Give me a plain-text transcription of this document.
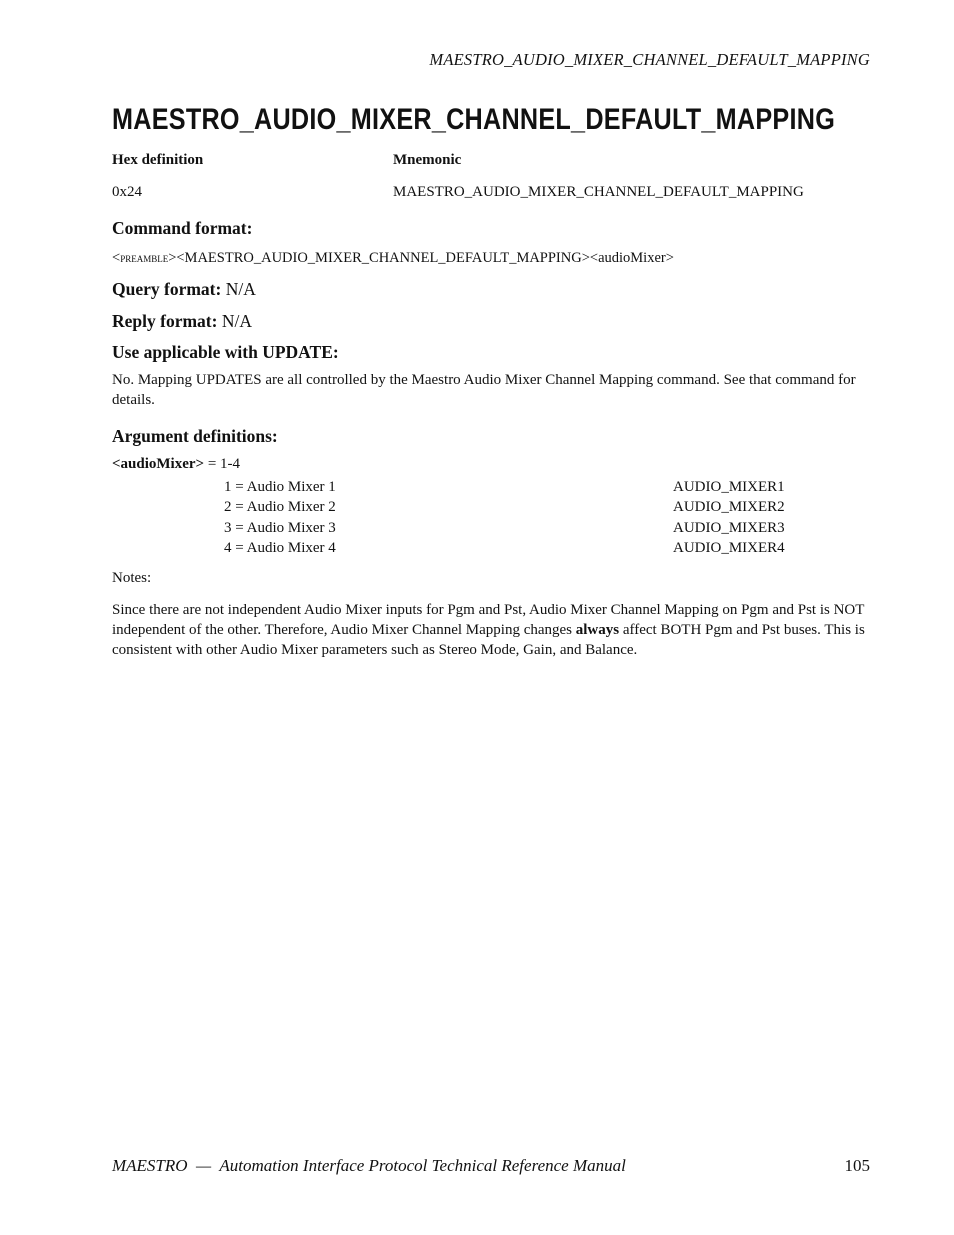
MAESTRO_AUDIO_MIXER_CHANNEL_DEFAULT_MAPPING
MAESTRO_AUDIO_MIXER_CHANNEL_DEFAULT_MAPPING
Hex definition	Mnemonic
0x24	MAESTRO_AUDIO_MIXER_CHANNEL_DEFAULT_MAPPING
Command format:
<preamble><MAESTRO_AUDIO_MIXER_CHANNEL_DEFAULT_MAPPING><audioMixer>
Query format: N/A
Reply format: N/A
Use applicable with UPDATE:

No. Mapping UPDATES are all controlled by the Maestro Audio Mixer Channel Mapping command. See that command for details.

Argument definitions:
<audioMixer> = 1-4
1 = Audio Mixer 1	AUDIO_MIXER1
2 = Audio Mixer 2	AUDIO_MIXER2
3 = Audio Mixer 3	AUDIO_MIXER3
4 = Audio Mixer 4	AUDIO_MIXER4

Notes:

Since there are not independent Audio Mixer inputs for Pgm and Pst, Audio Mixer Channel Mapping on Pgm and Pst is NOT independent of the other. Therefore, Audio Mixer Channel Mapping changes always affect BOTH Pgm and Pst buses. This is consistent with other Audio Mixer parameters such as Stereo Mode, Gain, and Balance.

MAESTRO  —  Automation Interface Protocol Technical Reference Manual	105
